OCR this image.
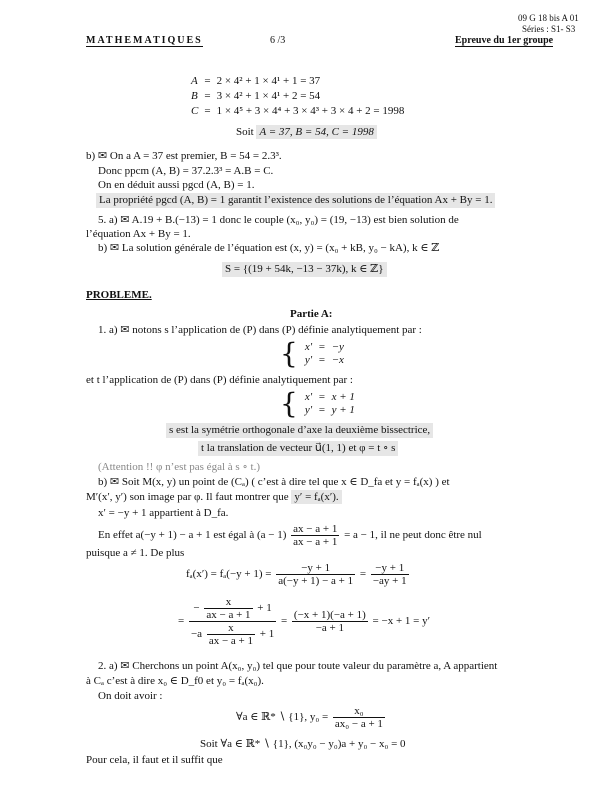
09 G 18 bis A 01
Séries : S1- S3
MATHEMATIQUES	6 /3	Epreuve du 1er groupe
A	=	2 × 4² + 1 × 4¹ + 1 = 37
B	=	3 × 4² + 1 × 4¹ + 2 = 54
C	=	1 × 4⁵ + 3 × 4⁴ + 3 × 4³ + 3 × 4 + 2 = 1998
Soit A = 37, B = 54, C = 1998
b) ✉ On a A = 37 est premier, B = 54 = 2.3³.
Donc ppcm (A, B) = 37.2.3³ = A.B = C.
On en déduit aussi pgcd (A, B) = 1.
La propriété pgcd (A, B) = 1 garantit l’existence des solutions de l’équation Ax + By = 1.
5. a) ✉ A.19 + B.(−13) = 1 donc le couple (x₀, y₀) = (19, −13) est bien solution de
l’équation Ax + By = 1.
b) ✉ La solution générale de l’équation est (x, y) = (x₀ + kB, y₀ − kA), k ∈ ℤ
S = {(19 + 54k, −13 − 37k), k ∈ ℤ}
PROBLEME.
Partie A:
1. a) ✉ notons s l’application de (P) dans (P) définie analytiquement par :
{ x′	=	−y
y′	=	−x
et t l’application de (P) dans (P) définie analytiquement par :
{ x′	=	x + 1
y′	=	y + 1
s est la symétrie orthogonale d’axe la deuxième bissectrice,
t la translation de vecteur u⃗(1, 1) et φ = t ∘ s
(Attention !! φ n’est pas égal à s ∘ t.)
b) ✉ Soit M(x, y) un point de (Cₐ) ( c’est à dire tel que x ∈ D_fa et y = fₐ(x) ) et
M′(x′, y′) son image par φ. Il faut montrer que y′ = fₐ(x′).
x′ = −y + 1 appartient à D_fa.
En effet a(−y + 1) − a + 1 est égal à $(a - 1) \frac{ax - a + 1}{ax - a + 1} = a - 1$, il ne peut donc être nul
puisque a ≠ 1. De plus
$f_a(x') = f_a(-y + 1) = \frac{-y + 1}{a(-y + 1) - a + 1} = \frac{-y + 1}{-ay + 1}$
= $\frac{- \frac{x}{ax - a + 1} + 1}{-a \frac{x}{ax - a + 1} + 1} = \frac{(-x + 1)(-a + 1)}{-a + 1} = -x + 1 = y'$
2. a) ✉ Cherchons un point A(x₀, y₀) tel que pour toute valeur du paramètre a, A appartient
à Cₐ c’est à dire x₀ ∈ D_f0 et y₀ = fₐ(x₀).
On doit avoir :
∀a ∈ ℝ* ∖ {1}, $y_0 = \frac{\text{x₀}}{\text{ax₀ − a + 1}}$
Soit ∀a ∈ ℝ* ∖ {1}, (x₀y₀ − y₀)a + y₀ − x₀ = 0
Pour cela, il faut et il suffit que
